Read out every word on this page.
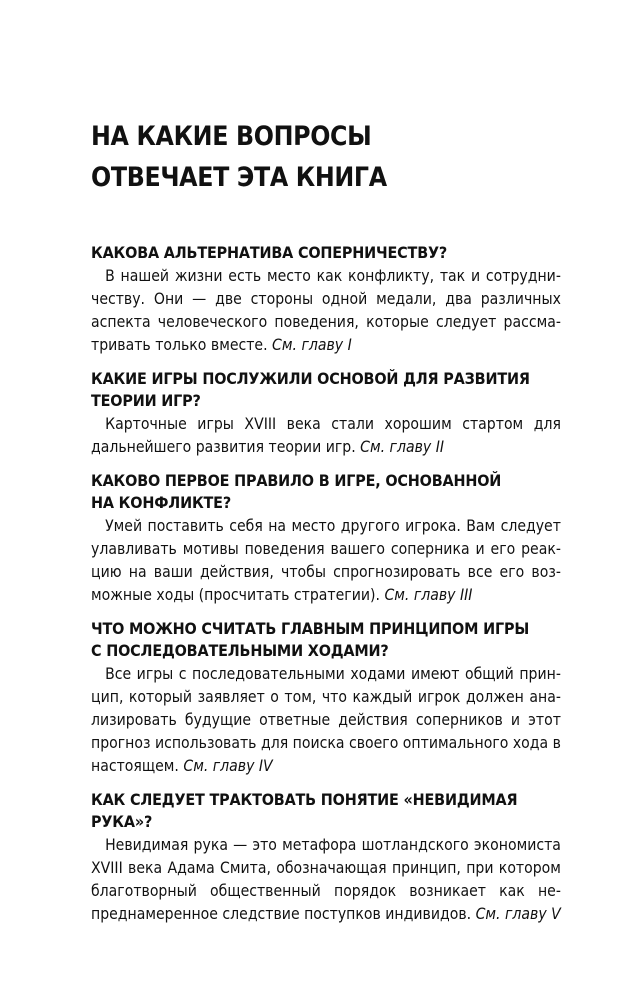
НА КАКИЕ ВОПРОСЫ
ОТВЕЧАЕТ ЭТА КНИГА
КАКОВА АЛЬТЕРНАТИВА СОПЕРНИЧЕСТВУ?

В нашей жизни есть место как конфликту, так и сотрудничеству. Они — две стороны одной медали, два различных аспекта человеческого поведения, которые следует рассматривать только вместе. См. главу I

КАКИЕ ИГРЫ ПОСЛУЖИЛИ ОСНОВОЙ ДЛЯ РАЗВИТИЯ
ТЕОРИИ ИГР?

Карточные игры XVIII века стали хорошим стартом для дальнейшего развития теории игр. См. главу II

КАКОВО ПЕРВОЕ ПРАВИЛО В ИГРЕ, ОСНОВАННОЙ
НА КОНФЛИКТЕ?

Умей поставить себя на место другого игрока. Вам следует улавливать мотивы поведения вашего соперника и его реакцию на ваши действия, чтобы спрогнозировать все его возможные ходы (просчитать стратегии). См. главу III

ЧТО МОЖНО СЧИТАТЬ ГЛАВНЫМ ПРИНЦИПОМ ИГРЫ
С ПОСЛЕДОВАТЕЛЬНЫМИ ХОДАМИ?

Все игры с последовательными ходами имеют общий принцип, который заявляет о том, что каждый игрок должен анализировать будущие ответные действия соперников и этот прогноз использовать для поиска своего оптимального хода в настоящем. См. главу IV

КАК СЛЕДУЕТ ТРАКТОВАТЬ ПОНЯТИЕ «НЕВИДИМАЯ
РУКА»?

Невидимая рука — это метафора шотландского экономиста XVIII века Адама Смита, обозначающая принцип, при котором благотворный общественный порядок возникает как непреднамеренное следствие поступков индивидов. См. главу V
